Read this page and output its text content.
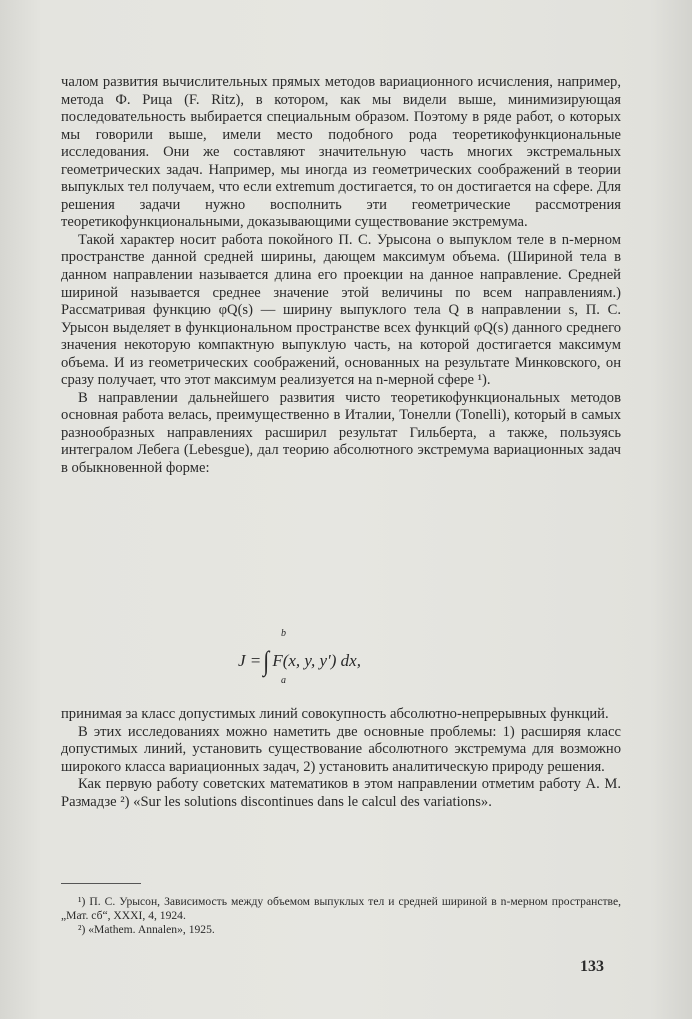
чалом развития вычислительных прямых методов вариационного исчисления, например, метода Ф. Рица (F. Ritz), в котором, как мы видели выше, минимизирующая последовательность выбирается специальным образом. Поэтому в ряде работ, о которых мы говорили выше, имели место подобного рода теоретикофункциональные исследования. Они же составляют значительную часть многих экстремальных геометрических задач. Например, мы иногда из геометрических соображений в теории выпуклых тел получаем, что если extremum достигается, то он достигается на сфере. Для решения задачи нужно восполнить эти геометрические рассмотрения теоретикофункциональными, доказывающими существование экстремума.

Такой характер носит работа покойного П. С. Урысона о выпуклом теле в n-мерном пространстве данной средней ширины, дающем максимум объема. (Шириной тела в данном направлении называется длина его проекции на данное направление. Средней шириной называется среднее значение этой величины по всем направлениям.) Рассматривая функцию φQ(s) — ширину выпуклого тела Q в направлении s, П. С. Урысон выделяет в функциональном пространстве всех функций φQ(s) данного среднего значения некоторую компактную выпуклую часть, на которой достигается максимум объема. И из геометрических соображений, основанных на результате Минковского, он сразу получает, что этот максимум реализуется на n-мерной сфере ¹).

В направлении дальнейшего развития чисто теоретикофункциональных методов основная работа велась, преимущественно в Италии, Тонелли (Tonelli), который в самых разнообразных направлениях расширил результат Гильберта, а также, пользуясь интегралом Лебега (Lebesgue), дал теорию абсолютного экстремума вариационных задач в обыкновенной форме:

b
J =∫ F(x, y, y′) dx,
a

принимая за класс допустимых линий совокупность абсолютно-непрерывных функций.

В этих исследованиях можно наметить две основные проблемы: 1) расширяя класс допустимых линий, установить существование абсолютного экстремума для возможно широкого класса вариационных задач, 2) установить аналитическую природу решения.

Как первую работу советских математиков в этом направлении отметим работу А. М. Размадзе ²) «Sur les solutions discontinues dans le calcul des variations».

¹) П. С. Урысон, Зависимость между объемом выпуклых тел и средней шириной в n-мерном пространстве, „Мат. сб“, XXXI, 4, 1924.

²) «Mathem. Annalen», 1925.

133
